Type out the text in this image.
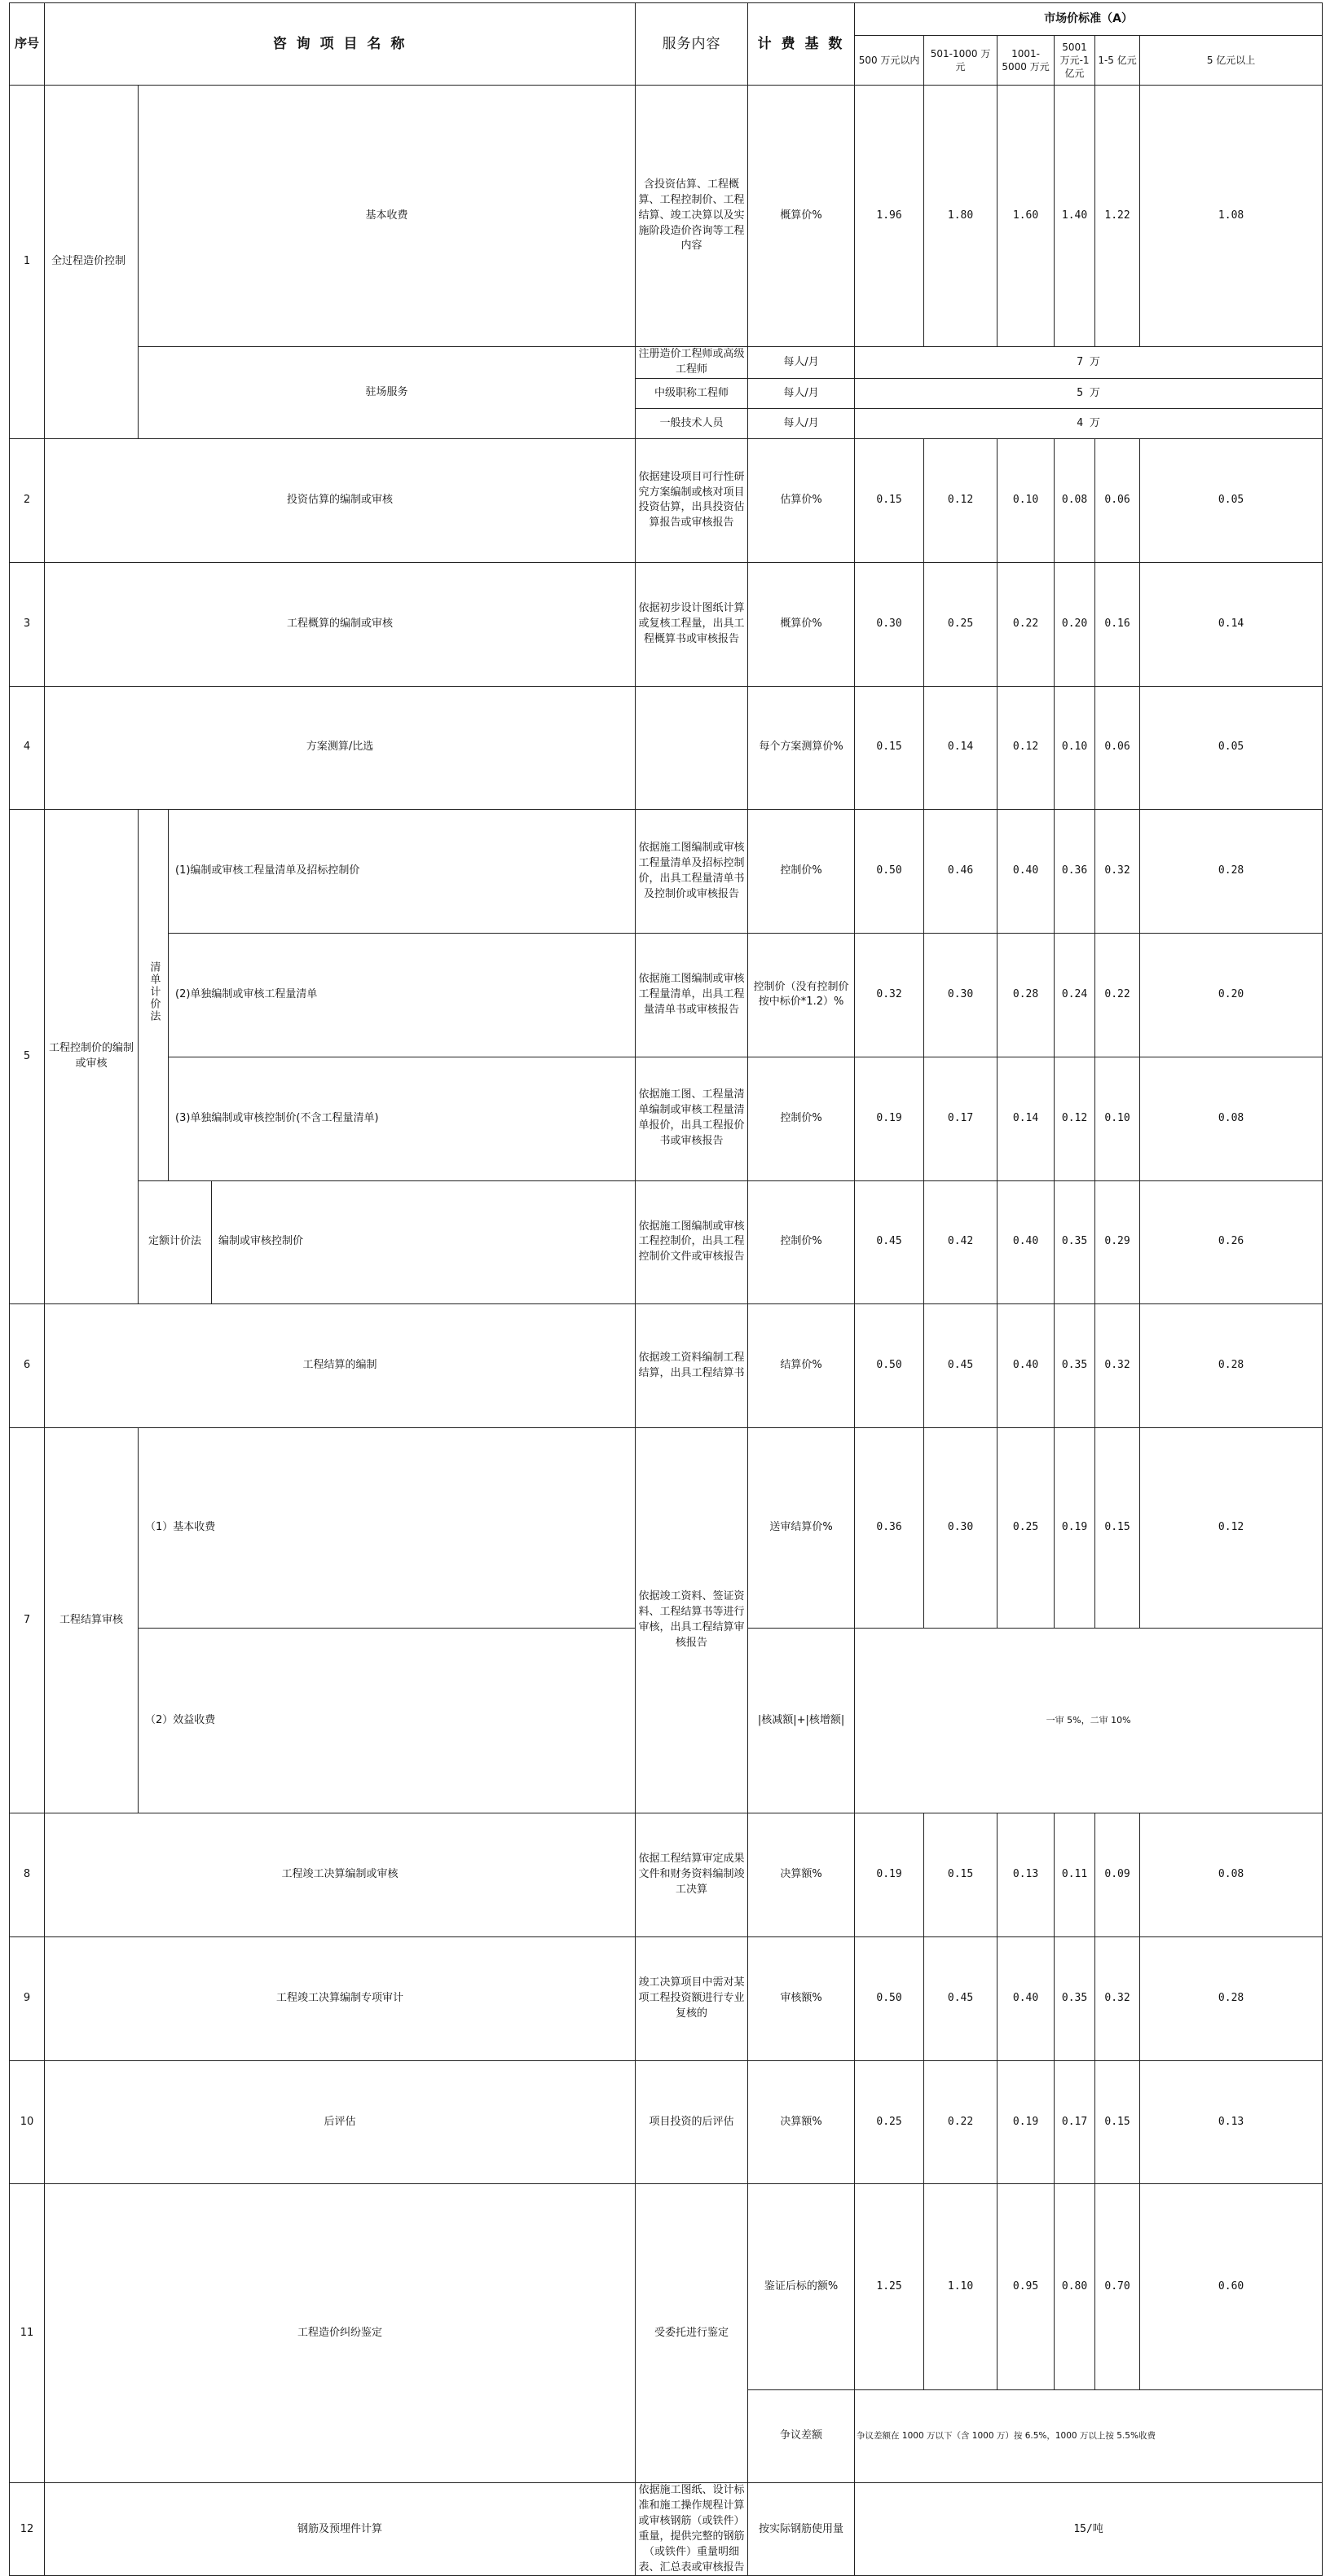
序号	咨 询 项 目 名 称				服务内容	计 费 基 数	市场价标准（A）	
							500 万元以内	501-1000 万元	1001-5000 万元	5001 万元-1 亿元	1-5 亿元	5 亿元以上	
1	全过程造价控制	基本收费			含投资估算、工程概算、工程控制价、工程结算、竣工决算以及实施阶段造价咨询等工程内容	概算价%	1.96	1.80	1.60	1.40	1.22	1.08	
		驻场服务			注册造价工程师或高级工程师	每人/月	7 万						
					中级职称工程师	每人/月	5 万						
					一般技术人员	每人/月	4 万						
2	投资估算的编制或审核				依据建设项目可行性研究方案编制或核对项目投资估算，出具投资估算报告或审核报告	估算价%	0.15	0.12	0.10	0.08	0.06	0.05	
3	工程概算的编制或审核				依据初步设计图纸计算或复核工程量，出具工程概算书或审核报告	概算价%	0.30	0.25	0.22	0.20	0.16	0.14	
4	方案测算/比选					每个方案测算价%	0.15	0.14	0.12	0.10	0.06	0.05	
5	工程控制价的编制或审核	清单计价法	(1)编制或审核工程量清单及招标控制价		依据施工图编制或审核工程量清单及招标控制价，出具工程量清单书及控制价或审核报告	控制价%	0.50	0.46	0.40	0.36	0.32	0.28	
			(2)单独编制或审核工程量清单		依据施工图编制或审核工程量清单，出具工程量清单书或审核报告	控制价（没有控制价按中标价*1.2）%	0.32	0.30	0.28	0.24	0.22	0.20	
			(3)单独编制或审核控制价(不含工程量清单)		依据施工图、工程量清单编制或审核工程量清单报价，出具工程报价书或审核报告	控制价%	0.19	0.17	0.14	0.12	0.10	0.08	
		定额计价法		编制或审核控制价	依据施工图编制或审核工程控制价，出具工程控制价文件或审核报告	控制价%	0.45	0.42	0.40	0.35	0.29	0.26	
6	工程结算的编制				依据竣工资料编制工程结算，出具工程结算书	结算价%	0.50	0.45	0.40	0.35	0.32	0.28	
7	工程结算审核	（1）基本收费			依据竣工资料、签证资料、工程结算书等进行审核，出具工程结算审核报告	送审结算价%	0.36	0.30	0.25	0.19	0.15	0.12	
		（2）效益收费				|核减额|+|核增额|	一审 5%，二审 10%	
8	工程竣工决算编制或审核				依据工程结算审定成果文件和财务资料编制竣工决算	决算额%	0.19	0.15	0.13	0.11	0.09	0.08	
9	工程竣工决算编制专项审计				竣工决算项目中需对某项工程投资额进行专业复核的	审核额%	0.50	0.45	0.40	0.35	0.32	0.28	
10	后评估				项目投资的后评估	决算额%	0.25	0.22	0.19	0.17	0.15	0.13	
11	工程造价纠纷鉴定				受委托进行鉴定	鉴证后标的额%	1.25	1.10	0.95	0.80	0.70	0.60	
						争议差额	争议差额在 1000 万以下（含 1000 万）按 6.5%，1000 万以上按 5.5%收费	
12	钢筋及预埋件计算				依据施工图纸、设计标准和施工操作规程计算或审核钢筋（或铁件）重量，提供完整的钢筋（或铁件）重量明细表、汇总表或审核报告	按实际钢筋使用量	15/吨						
